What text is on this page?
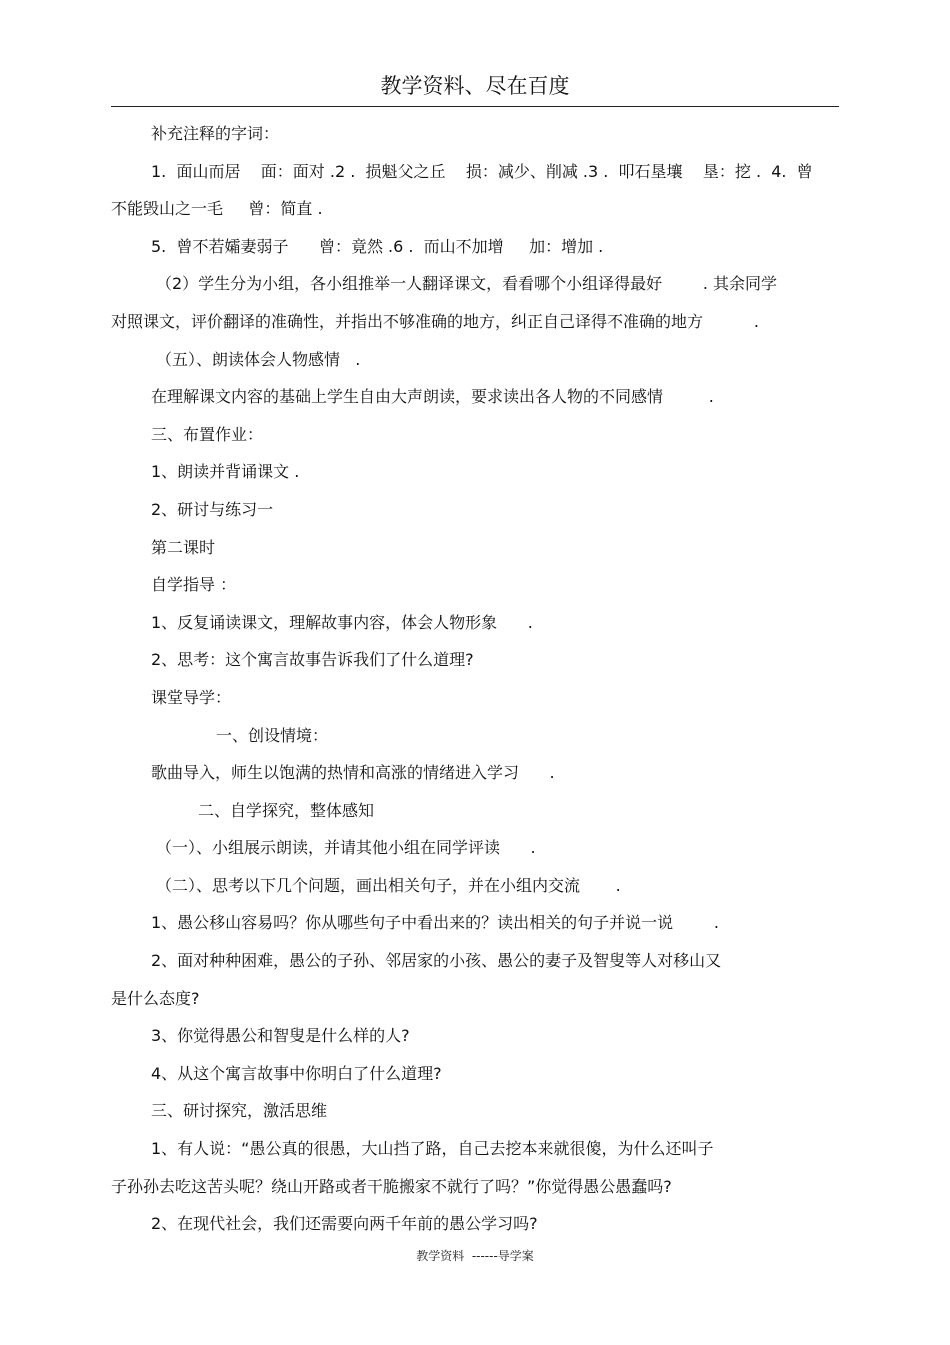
教学资料、尽在百度
补充注释的字词：
1.  面山而居    面：面对 .2 .  损魁父之丘    损：减少、削减 .3 .  叩石垦壤    垦：挖 .  4.  曾
不能毁山之一毛     曾：简直 .
5.  曾不若孀妻弱子      曾：竟然 .6 .  而山不加增     加：增加 .
（2）学生分为小组，各小组推举一人翻译课文，看看哪个小组译得最好        . 其余同学
对照课文，评价翻译的准确性，并指出不够准确的地方，纠正自己译得不准确的地方          .
（五）、朗读体会人物感情   .
在理解课文内容的基础上学生自由大声朗读，要求读出各人物的不同感情         .
三、布置作业：
1、朗读并背诵课文 .
2、研讨与练习一
第二课时
自学指导 ：
1、反复诵读课文，理解故事内容，体会人物形象      .
2、思考：这个寓言故事告诉我们了什么道理?
课堂导学：
一、创设情境：
歌曲导入，师生以饱满的热情和高涨的情绪进入学习      .
二、自学探究，整体感知
（一）、小组展示朗读，并请其他小组在同学评读      .
（二）、思考以下几个问题，画出相关句子，并在小组内交流       .
1、愚公移山容易吗？你从哪些句子中看出来的？读出相关的句子并说一说        .
2、面对种种困难，愚公的子孙、邻居家的小孩、愚公的妻子及智叟等人对移山又
是什么态度?
3、你觉得愚公和智叟是什么样的人?
4、从这个寓言故事中你明白了什么道理?
三、研讨探究，激活思维
1、有人说：“愚公真的很愚，大山挡了路，自己去挖本来就很傻，为什么还叫子
子孙孙去吃这苦头呢？绕山开路或者干脆搬家不就行了吗？”你觉得愚公愚蠢吗?
2、在现代社会，我们还需要向两千年前的愚公学习吗?
教学资料  ------导学案
